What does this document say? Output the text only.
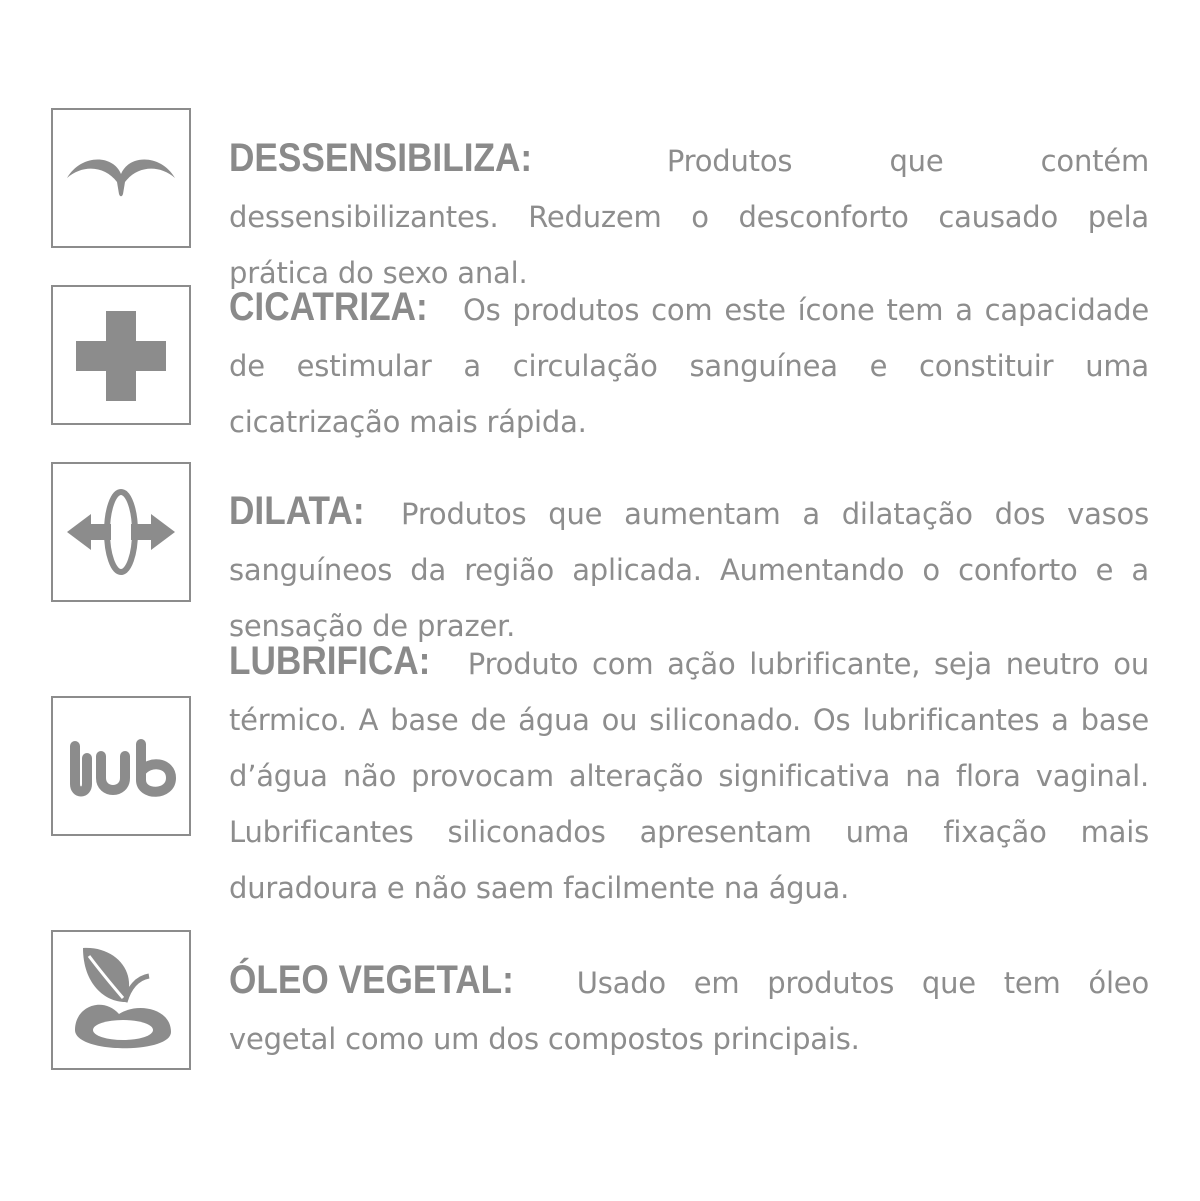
DESSENSIBILIZA:	Produtos que contém dessensibilizantes. Reduzem o desconforto causado pela prática do sexo anal.
CICATRIZA: Os produtos com este ícone tem a capacidade de estimular a circulação sanguínea e constituir uma cicatrização mais rápida.
DILATA: Produtos que aumentam a dilatação dos vasos sanguíneos da região aplicada. Aumentando o conforto e a sensação de prazer.
LUBRIFICA: Produto com ação lubrificante, seja neutro ou térmico. A base de água ou siliconado. Os lubrificantes a base d’água não provocam alteração significativa na flora vaginal. Lubrificantes siliconados apresentam uma fixação mais duradoura e não saem facilmente na água.
ÓLEO VEGETAL: Usado em produtos que tem óleo vegetal como um dos compostos principais.
